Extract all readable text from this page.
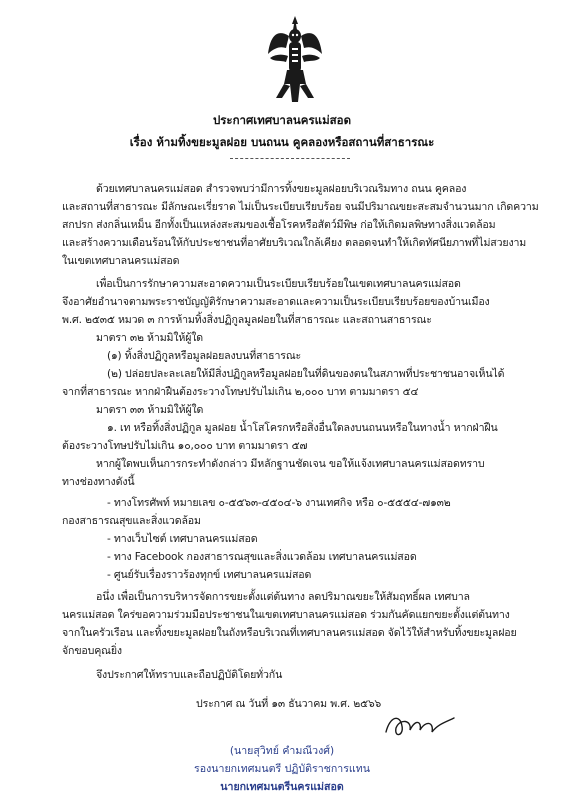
ประกาศเทศบาลนครแม่สอด
เรื่อง ห้ามทิ้งขยะมูลฝอย บนถนน คูคลองหรือสถานที่สาธารณะ
ด้วยเทศบาลนครแม่สอด สำรวจพบว่ามีการทิ้งขยะมูลฝอยบริเวณริมทาง ถนน คูคลอง
และสถานที่สาธารณะ มีลักษณะเรี่ยราด ไม่เป็นระเบียบเรียบร้อย จนมีปริมาณขยะสะสมจำนวนมาก เกิดความ
สกปรก ส่งกลิ่นเหม็น อีกทั้งเป็นแหล่งสะสมของเชื้อโรคหรือสัตว์มีพิษ ก่อให้เกิดมลพิษทางสิ่งแวดล้อม
และสร้างความเดือนร้อนให้กับประชาชนที่อาศัยบริเวณใกล้เคียง ตลอดจนทำให้เกิดทัศนียภาพที่ไม่สวยงาม
ในเขตเทศบาลนครแม่สอด
เพื่อเป็นการรักษาความสะอาดความเป็นระเบียบเรียบร้อยในเขตเทศบาลนครแม่สอด
จึงอาศัยอำนาจตามพระราชบัญญัติรักษาความสะอาดและความเป็นระเบียบเรียบร้อยของบ้านเมือง
พ.ศ. ๒๕๓๕ หมวด ๓ การห้ามทิ้งสิ่งปฏิกูลมูลฝอยในที่สาธารณะ และสถานสาธารณะ
มาตรา ๓๒ ห้ามมิให้ผู้ใด
(๑) ทิ้งสิ่งปฏิกูลหรือมูลฝอยลงบนที่สาธารณะ
(๒) ปล่อยปละละเลยให้มีสิ่งปฏิกูลหรือมูลฝอยในที่ดินของตนในสภาพที่ประชาชนอาจเห็นได้
จากที่สาธารณะ หากฝ่าฝืนต้องระวางโทษปรับไม่เกิน ๒,๐๐๐ บาท ตามมาตรา ๕๔
มาตรา ๓๓ ห้ามมิให้ผู้ใด
๑. เท หรือทิ้งสิ่งปฏิกูล มูลฝอย น้ำโสโครกหรือสิ่งอื่นใดลงบนถนนหรือในทางน้ำ หากฝ่าฝืน
ต้องระวางโทษปรับไม่เกิน ๑๐,๐๐๐ บาท ตามมาตรา ๕๗
หากผู้ใดพบเห็นการกระทำดังกล่าว มีหลักฐานชัดเจน ขอให้แจ้งเทศบาลนครแม่สอดทราบ
ทางช่องทางดังนี้
- ทางโทรศัพท์ หมายเลข ๐-๕๕๖๓-๔๕๐๔-๖ งานเทศกิจ หรือ ๐-๕๕๕๔-๗๑๓๒
กองสาธารณสุขและสิ่งแวดล้อม
- ทางเว็บไซต์ เทศบาลนครแม่สอด
- ทาง Facebook กองสาธารณสุขและสิ่งแวดล้อม เทศบาลนครแม่สอด
- ศูนย์รับเรื่องราวร้องทุกข์ เทศบาลนครแม่สอด
อนึ่ง เพื่อเป็นการบริหารจัดการขยะตั้งแต่ต้นทาง ลดปริมาณขยะให้สัมฤทธิ์ผล เทศบาล
นครแม่สอด ใคร่ขอความร่วมมือประชาชนในเขตเทศบาลนครแม่สอด ร่วมกันคัดแยกขยะตั้งแต่ต้นทาง
จากในครัวเรือน และทิ้งขยะมูลฝอยในถังหรือบริเวณที่เทศบาลนครแม่สอด จัดไว้ให้สำหรับทิ้งขยะมูลฝอย
จักขอบคุณยิ่ง
จึงประกาศให้ทราบและถือปฏิบัติโดยทั่วกัน
ประกาศ ณ วันที่ ๑๓ ธันวาคม พ.ศ. ๒๕๖๖
(นายสุวิทย์ คำมณีวงศ์)
รองนายกเทศมนตรี ปฏิบัติราชการแทน
นายกเทศมนตรีนครแม่สอด
